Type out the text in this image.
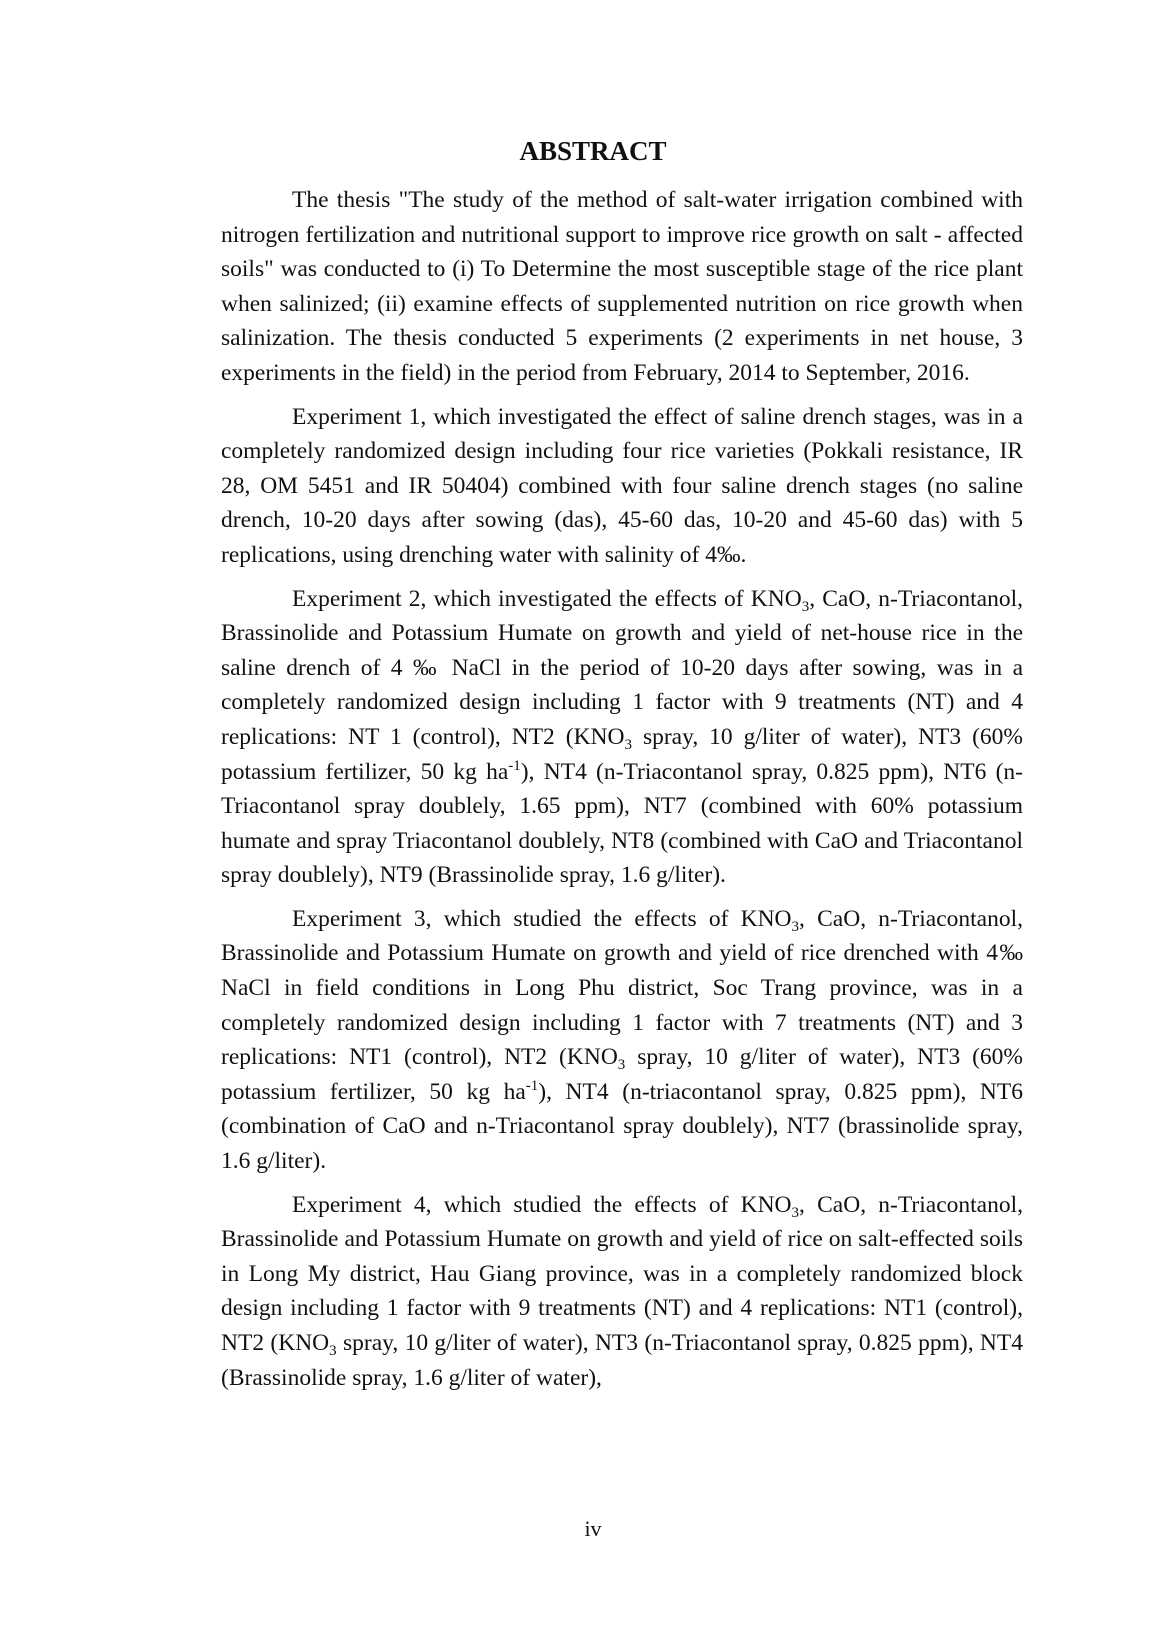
ABSTRACT

The thesis "The study of the method of salt-water irrigation combined with nitrogen fertilization and nutritional support to improve rice growth on salt - affected soils" was conducted to (i) To Determine the most susceptible stage of the rice plant when salinized; (ii) examine effects of supplemented nutrition on rice growth when salinization. The thesis conducted 5 experiments (2 experiments in net house, 3 experiments in the field) in the period from February, 2014 to September, 2016.

Experiment 1, which investigated the effect of saline drench stages, was in a completely randomized design including four rice varieties (Pokkali resistance, IR 28, OM 5451 and IR 50404) combined with four saline drench stages (no saline drench, 10-20 days after sowing (das), 45-60 das, 10-20 and 45-60 das) with 5 replications, using drenching water with salinity of 4‰.

Experiment 2, which investigated the effects of $KNO_3$, CaO, n-Triacontanol, Brassinolide and Potassium Humate on growth and yield of net-house rice in the saline drench of 4 ‰ NaCl in the period of 10-20 days after sowing, was in a completely randomized design including 1 factor with 9 treatments (NT) and 4 replications: NT 1 (control), NT2 ($KNO_3$ spray, 10 g/liter of water), NT3 (60% potassium fertilizer, 50 kg $ha^{-1}$), NT4 (n-Triacontanol spray, 0.825 ppm), NT6 (n-Triacontanol spray doublely, 1.65 ppm), NT7 (combined with 60% potassium humate and spray Triacontanol doublely, NT8 (combined with CaO and Triacontanol spray doublely), NT9 (Brassinolide spray, 1.6 g/liter).

Experiment 3, which studied the effects of $KNO_3$, CaO, n-Triacontanol, Brassinolide and Potassium Humate on growth and yield of rice drenched with 4‰ NaCl in field conditions in Long Phu district, Soc Trang province, was in a completely randomized design including 1 factor with 7 treatments (NT) and 3 replications: NT1 (control), NT2 ($KNO_3$ spray, 10 g/liter of water), NT3 (60% potassium fertilizer, 50 kg $ha^{-1}$), NT4 (n-triacontanol spray, 0.825 ppm), NT6 (combination of CaO and n-Triacontanol spray doublely), NT7 (brassinolide spray, 1.6 g/liter).

Experiment 4, which studied the effects of $KNO_3$, CaO, n-Triacontanol, Brassinolide and Potassium Humate on growth and yield of rice on salt-effected soils in Long My district, Hau Giang province, was in a completely randomized block design including 1 factor with 9 treatments (NT) and 4 replications: NT1 (control), NT2 ($KNO_3$ spray, 10 g/liter of water), NT3 (n-Triacontanol spray, 0.825 ppm), NT4 (Brassinolide spray, 1.6 g/liter of water),

iv
